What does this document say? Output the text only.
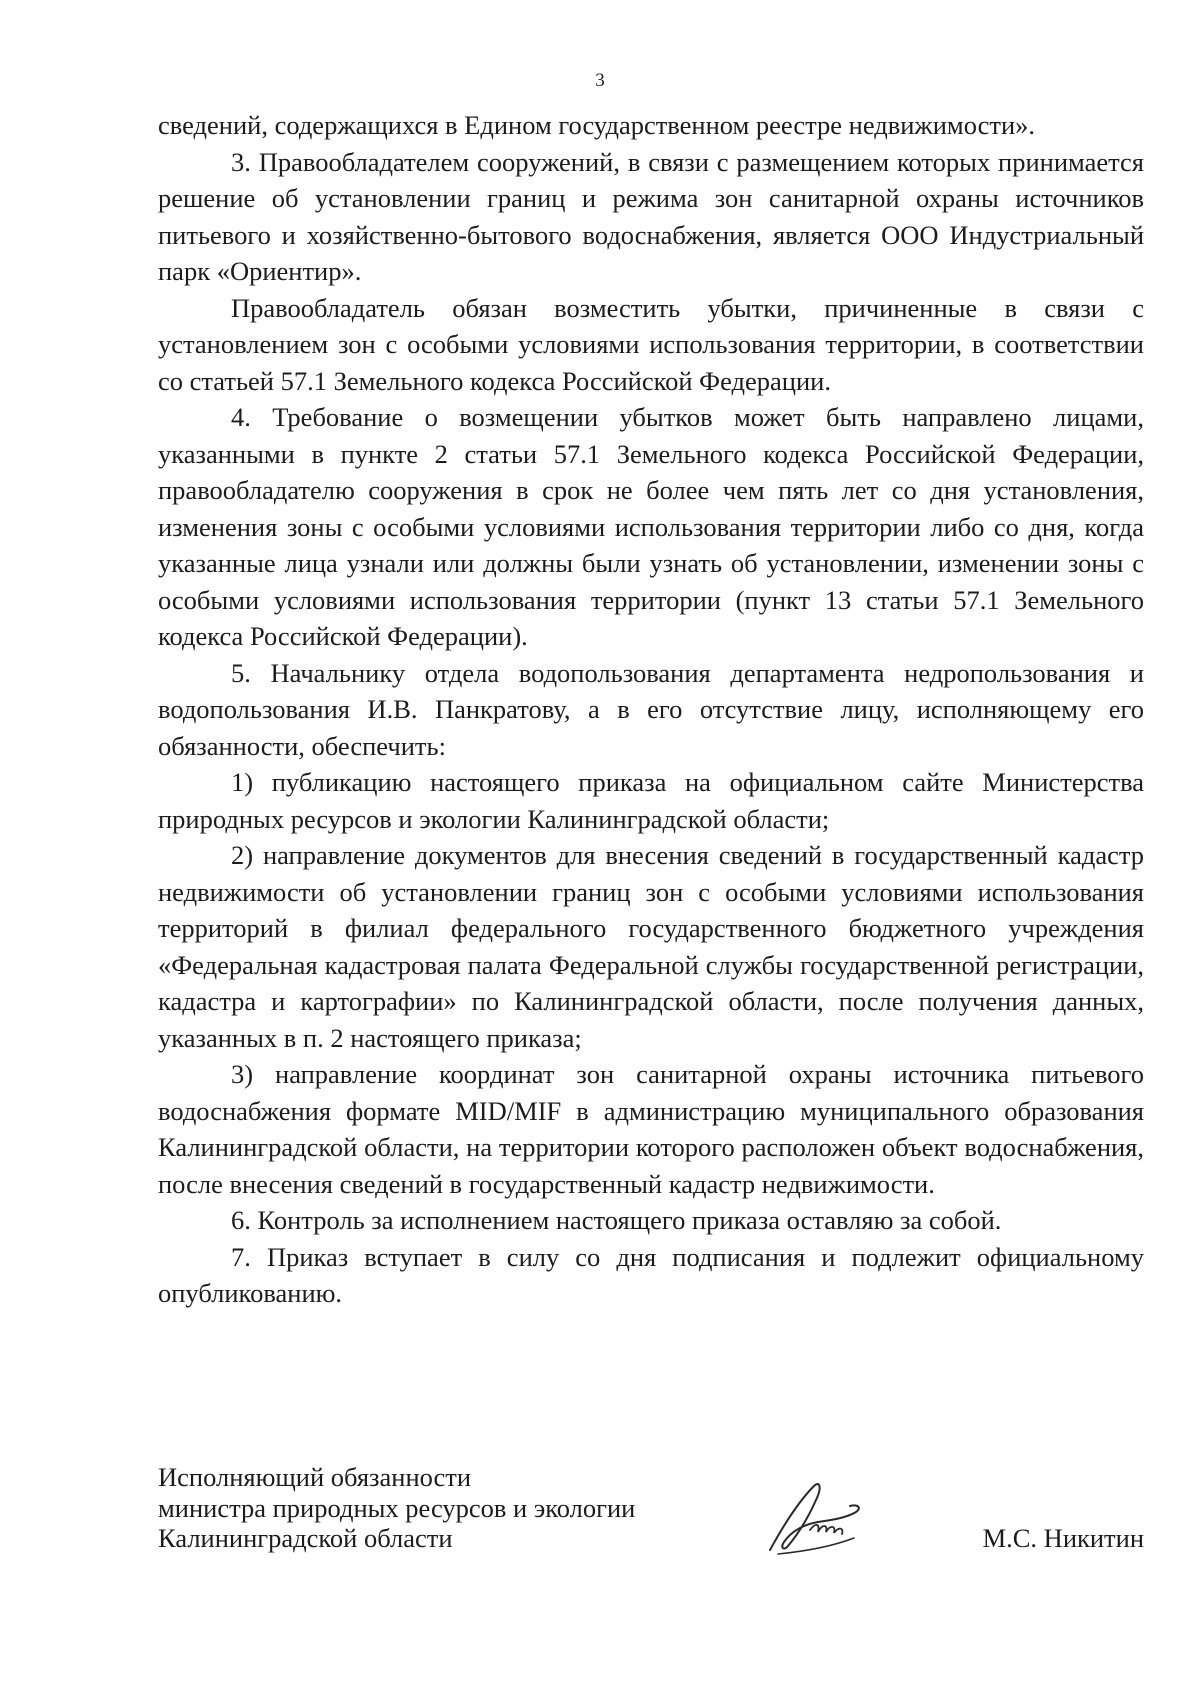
3

сведений, содержащихся в Едином государственном реестре недвижимости».

3. Правообладателем сооружений, в связи с размещением которых принимается решение об установлении границ и режима зон санитарной охраны источников питьевого и хозяйственно-бытового водоснабжения, является ООО Индустриальный парк «Ориентир».

Правообладатель обязан возместить убытки, причиненные в связи с установлением зон с особыми условиями использования территории, в соответствии со статьей 57.1 Земельного кодекса Российской Федерации.

4. Требование о возмещении убытков может быть направлено лицами, указанными в пункте 2 статьи 57.1 Земельного кодекса Российской Федерации, правообладателю сооружения в срок не более чем пять лет со дня установления, изменения зоны с особыми условиями использования территории либо со дня, когда указанные лица узнали или должны были узнать об установлении, изменении зоны с особыми условиями использования территории (пункт 13 статьи 57.1 Земельного кодекса Российской Федерации).

5. Начальнику отдела водопользования департамента недропользования и водопользования И.В. Панкратову, а в его отсутствие лицу, исполняющему его обязанности, обеспечить:

1) публикацию настоящего приказа на официальном сайте Министерства природных ресурсов и экологии Калининградской области;

2) направление документов для внесения сведений в государственный кадастр недвижимости об установлении границ зон с особыми условиями использования территорий в филиал федерального государственного бюджетного учреждения «Федеральная кадастровая палата Федеральной службы государственной регистрации, кадастра и картографии» по Калининградской области, после получения данных, указанных в п. 2 настоящего приказа;

3) направление координат зон санитарной охраны источника питьевого водоснабжения формате MID/MIF в администрацию муниципального образования Калининградской области, на территории которого расположен объект водоснабжения, после внесения сведений в государственный кадастр недвижимости.

6. Контроль за исполнением настоящего приказа оставляю за собой.

7. Приказ вступает в силу со дня подписания и подлежит официальному опубликованию.

Исполняющий обязанности
министра природных ресурсов и экологии
Калининградской области	М.С. Никитин
